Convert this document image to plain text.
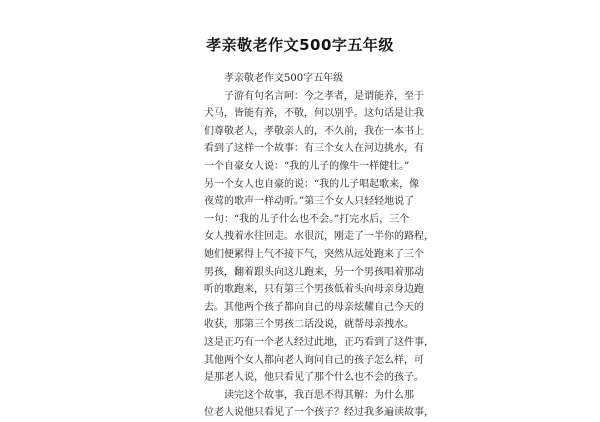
孝亲敬老作文500字五年级
孝亲敬老作文500字五年级
子游有句名言呵：今之孝者，是谓能养，至于
犬马，皆能有养，不敬，何以别乎。这句话是让我
们尊敬老人，孝敬亲人的，不久前，我在一本书上
看到了这样一个故事：有三个女人在河边挑水，有
一个自豪女人说：“我的儿子的像牛一样健壮。”
另一个女人也自豪的说：“我的儿子唱起歌来，像
夜莺的歌声一样动听。”第三个女人只轻轻地说了
一句：“我的儿子什么也不会。”打完水后，三个
女人拽着水往回走。水很沉，刚走了一半你的路程，
她们便累得上气不接下气，突然从远处跑来了三个
男孩，翻着跟头向这儿跑来，另一个男孩唱着那动
听的歌跑来，只有第三个男孩低着头向母亲身边跑
去。其他两个孩子都向自己的母亲炫耀自己今天的
收获，那第三个男孩二话没说，就帮母亲拽水。
这是正巧有一个老人经过此地，正巧看到了这件事，
其他两个女人都向老人询问自己的孩子怎么样，可
是那老人说，他只看见了那个什么也不会的孩子。
读完这个故事，我百思不得其解：为什么那
位老人说他只看见了一个孩子？经过我多遍读故事，
